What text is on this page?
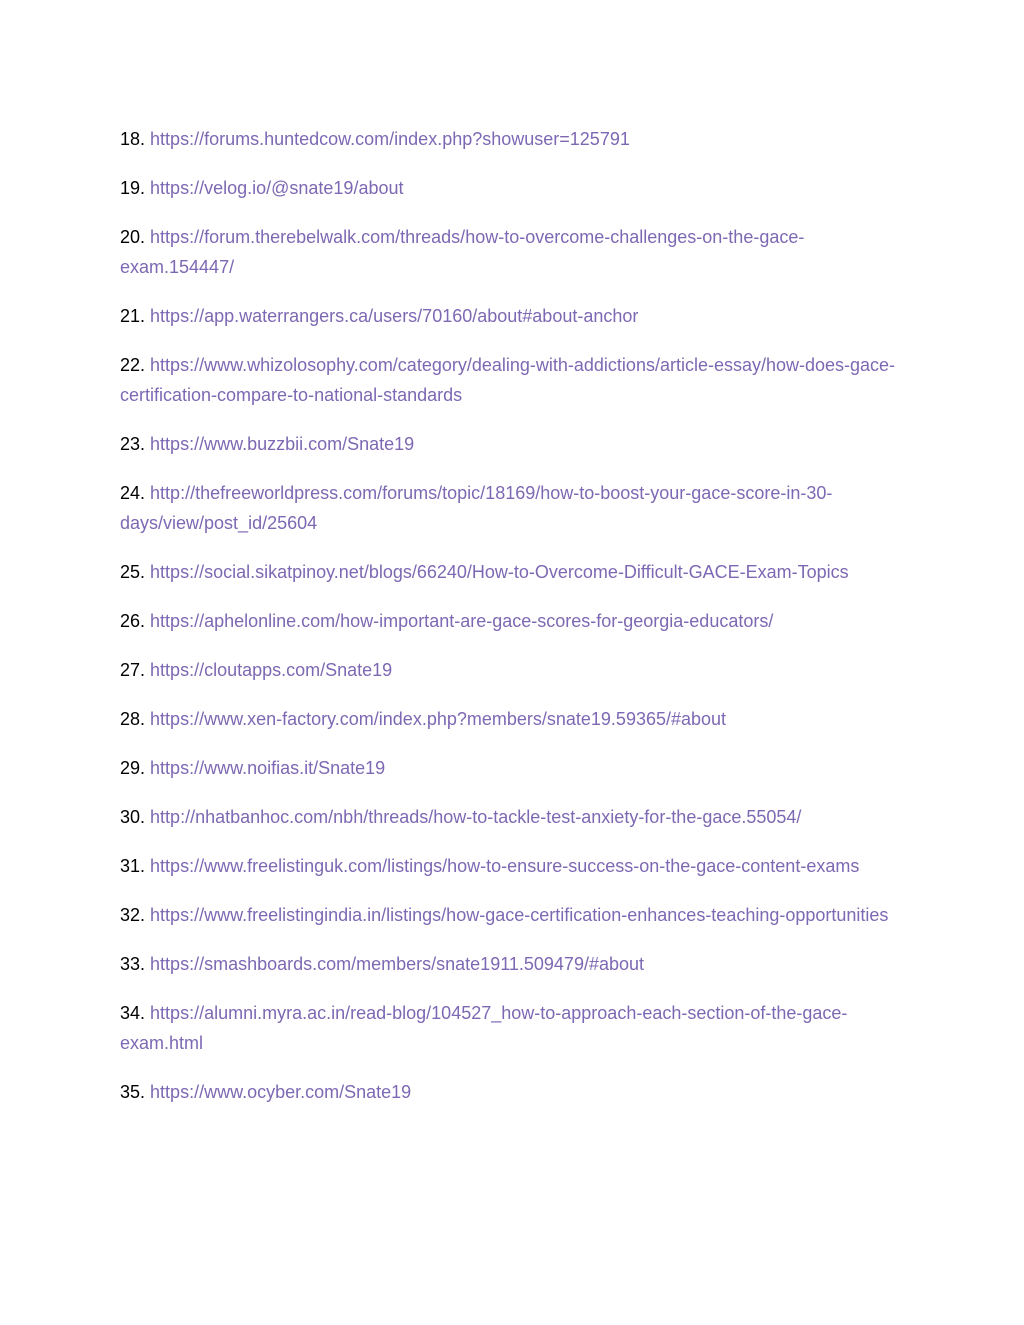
18. https://forums.huntedcow.com/index.php?showuser=125791
19. https://velog.io/@snate19/about
20. https://forum.therebelwalk.com/threads/how-to-overcome-challenges-on-the-gace-exam.154447/
21. https://app.waterrangers.ca/users/70160/about#about-anchor
22. https://www.whizolosophy.com/category/dealing-with-addictions/article-essay/how-does-gace-certification-compare-to-national-standards
23. https://www.buzzbii.com/Snate19
24. http://thefreeworldpress.com/forums/topic/18169/how-to-boost-your-gace-score-in-30-days/view/post_id/25604
25. https://social.sikatpinoy.net/blogs/66240/How-to-Overcome-Difficult-GACE-Exam-Topics
26. https://aphelonline.com/how-important-are-gace-scores-for-georgia-educators/
27. https://cloutapps.com/Snate19
28. https://www.xen-factory.com/index.php?members/snate19.59365/#about
29. https://www.noifias.it/Snate19
30. http://nhatbanhoc.com/nbh/threads/how-to-tackle-test-anxiety-for-the-gace.55054/
31. https://www.freelistinguk.com/listings/how-to-ensure-success-on-the-gace-content-exams
32. https://www.freelistingindia.in/listings/how-gace-certification-enhances-teaching-opportunities
33. https://smashboards.com/members/snate1911.509479/#about
34. https://alumni.myra.ac.in/read-blog/104527_how-to-approach-each-section-of-the-gace-exam.html
35. https://www.ocyber.com/Snate19
